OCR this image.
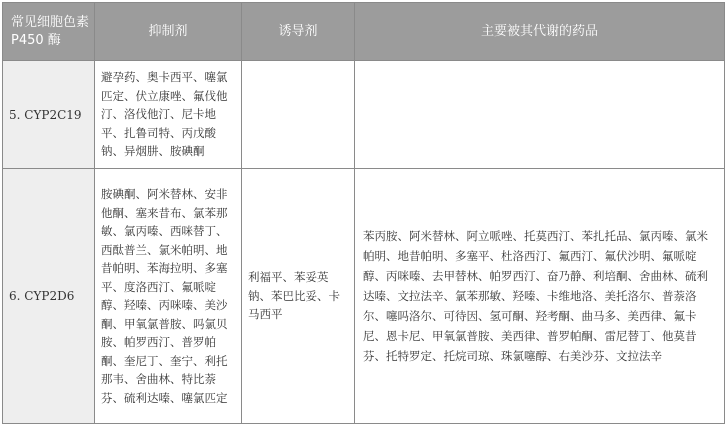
常见细胞色素 P450 酶	抑制剂	诱导剂	主要被其代谢的药品
5. CYP2C19	避孕药、奥卡西平、噻氯匹定、伏立康唑、氟伐他汀、洛伐他汀、尼卡地平、扎鲁司特、丙戊酸钠、异烟肼、胺碘酮		
6. CYP2D6	胺碘酮、阿米替林、安非他酮、塞来昔布、氯苯那敏、氯丙嗪、西咪替丁、西酞普兰、氯米帕明、地昔帕明、苯海拉明、多塞平、度洛西汀、氟哌啶醇、羟嗪、丙咪嗪、美沙酮、甲氧氯普胺、吗氯贝胺、帕罗西汀、普罗帕酮、奎尼丁、奎宁、利托那韦、舍曲林、特比萘芬、硫利达嗪、噻氯匹定	利福平、苯妥英钠、苯巴比妥、卡马西平	苯丙胺、阿米替林、阿立哌唑、托莫西汀、苯扎托品、氯丙嗪、氯米帕明、地昔帕明、多塞平、杜洛西汀、氟西汀、氟伏沙明、氟哌啶醇、丙咪嗪、去甲替林、帕罗西汀、奋乃静、利培酮、舍曲林、硫利达嗪、文拉法辛、氯苯那敏、羟嗪、卡维地洛、美托洛尔、普萘洛尔、噻吗洛尔、可待因、氢可酮、羟考酮、曲马多、美西律、氟卡尼、恩卡尼、甲氧氯普胺、美西律、普罗帕酮、雷尼替丁、他莫昔芬、托特罗定、托烷司琼、珠氯噻醇、右美沙芬、文拉法辛
